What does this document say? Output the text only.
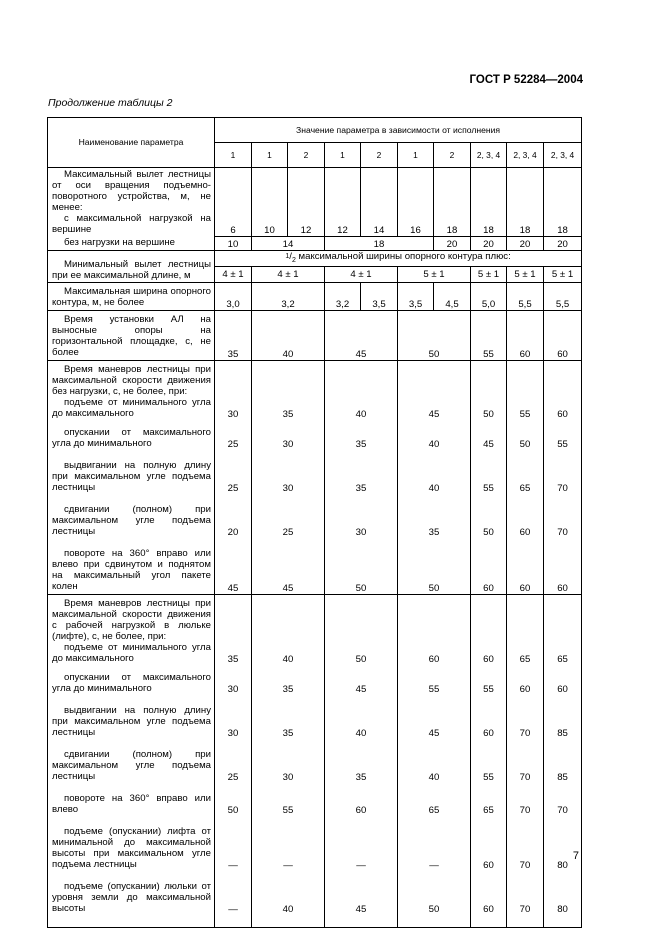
ГОСТ Р 52284—2004
Продолжение таблицы 2
Наименование параметра	Значение параметра в зависимости от исполнения									
	1	1	2	1	2	1	2	2, 3, 4	2, 3, 4	2, 3, 4

Максимальный вылет лестницы от оси вращения подъемно-поворотного устройства, м, не менее:
с максимальной нагрузкой на вершине	6	10	12	12	14	16	18	18	18	18

без нагрузки на вершине	10	14		18			20	20	20	20

Минимальный вылет лестницы при ее максимальной длине, м	$^1/_2$ максимальной ширины опорного контура плюс:									
	4 ± 1	4 ± 1		4 ± 1		5 ± 1		5 ± 1	5 ± 1	5 ± 1

Максимальная ширина опорного контура, м, не более	3,0	3,2		3,2	3,5	3,5	4,5	5,0	5,5	5,5

Время установки АЛ на выносные опоры на горизонтальной площадке, с, не более	35	40		45		50		55	60	60

Время маневров лестницы при максимальной скорости движения без нагрузки, с, не более, при:
подъеме от минимального угла до максимального	30	35		40		45		50	55	60

опускании от максимального угла до минимального	25	30		35		40		45	50	55

выдвигании на полную длину при максимальном угле подъема лестницы	25	30		35		40		55	65	70

сдвигании (полном) при максимальном угле подъема лестницы	20	25		30		35		50	60	70

повороте на 360° вправо или влево при сдвинутом и поднятом на максимальный угол пакете колен	45	45		50		50		60	60	60

Время маневров лестницы при максимальной скорости движения с рабочей нагрузкой в люльке (лифте), с, не более, при:
подъеме от минимального угла до максимального	35	40		50		60		60	65	65

опускании от максимального угла до минимального	30	35		45		55		55	60	60

выдвигании на полную длину при максимальном угле подъема лестницы	30	35		40		45		60	70	85

сдвигании (полном) при максимальном угле подъема лестницы	25	30		35		40		55	70	85

повороте на 360° вправо или влево	50	55		60		65		65	70	70

подъеме (опускании) лифта от минимальной до максимальной высоты при максимальном угле подъема лестницы	—	—		—		—		60	70	80

подъеме (опускании) люльки от уровня земли до максимальной высоты	—	40		45		50		60	70	80

7
